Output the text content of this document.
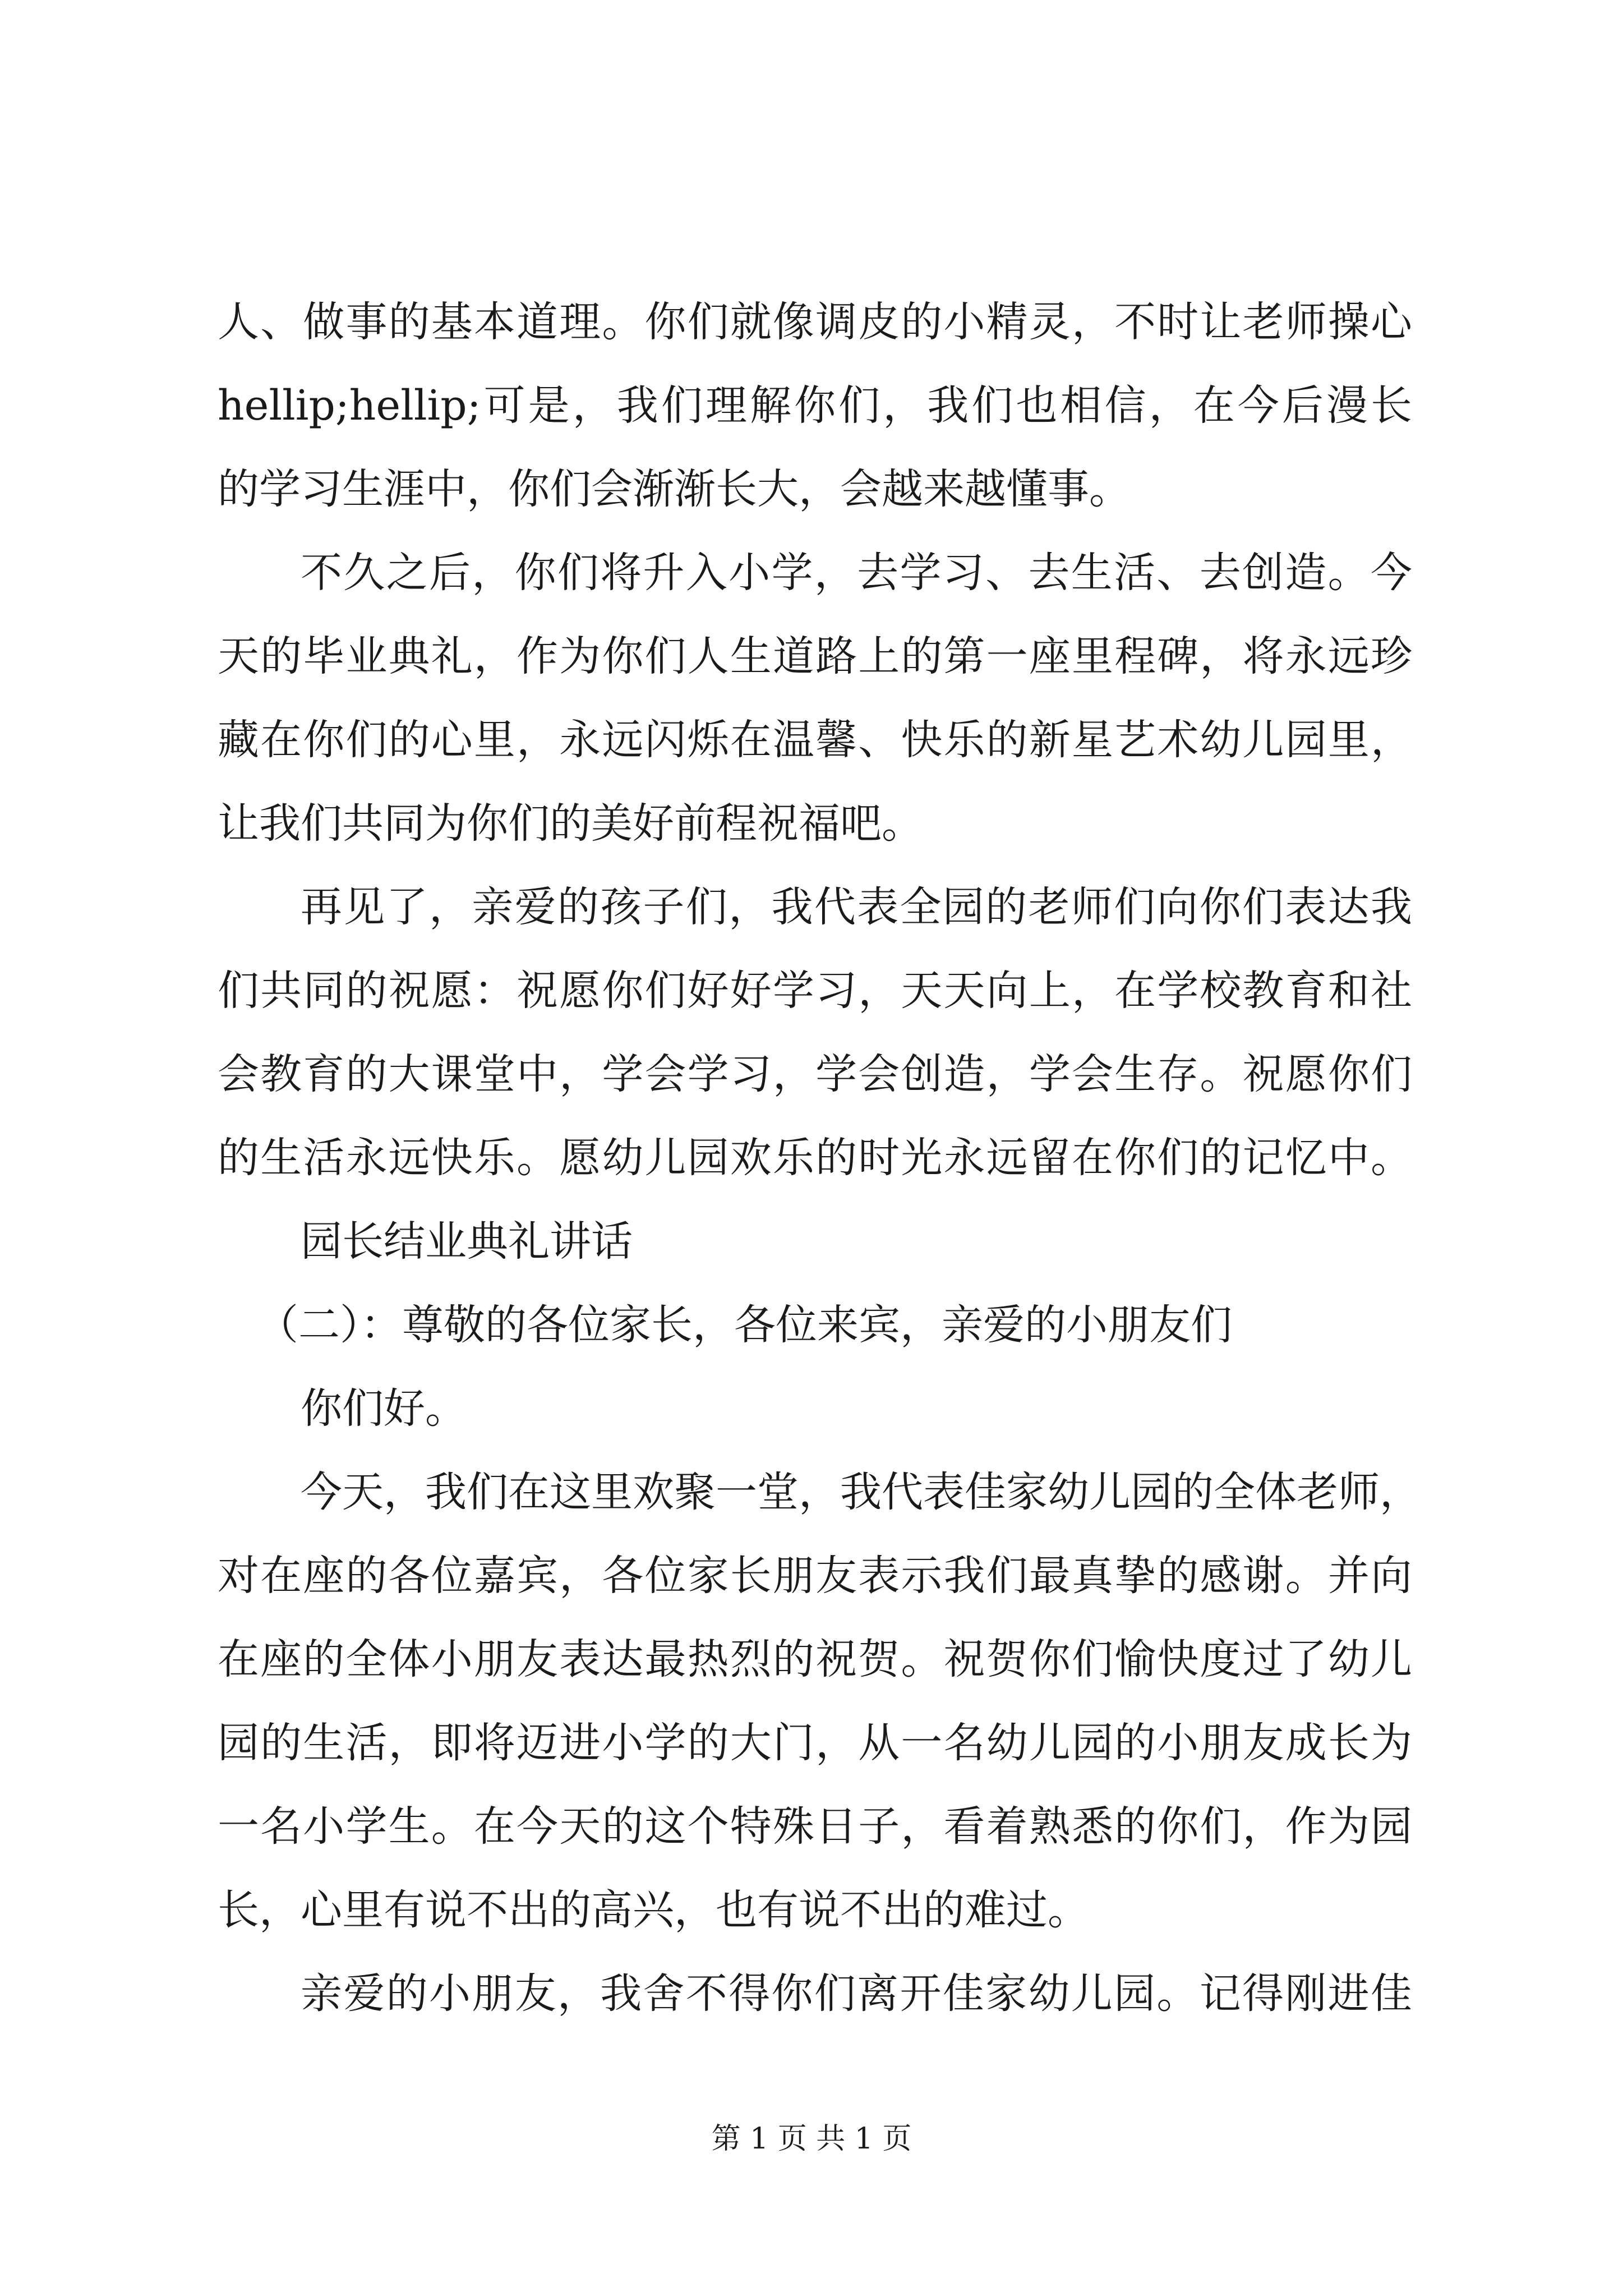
人、做事的基本道理。你们就像调皮的小精灵，不时让老师操心
hellip;hellip;可是，我们理解你们，我们也相信，在今后漫长
的学习生涯中，你们会渐渐长大，会越来越懂事。
不久之后，你们将升入小学，去学习、去生活、去创造。今
天的毕业典礼，作为你们人生道路上的第一座里程碑，将永远珍
藏在你们的心里，永远闪烁在温馨、快乐的新星艺术幼儿园里，
让我们共同为你们的美好前程祝福吧。
再见了，亲爱的孩子们，我代表全园的老师们向你们表达我
们共同的祝愿：祝愿你们好好学习，天天向上，在学校教育和社
会教育的大课堂中，学会学习，学会创造，学会生存。祝愿你们
的生活永远快乐。愿幼儿园欢乐的时光永远留在你们的记忆中。
园长结业典礼讲话
（二）：尊敬的各位家长，各位来宾，亲爱的小朋友们
你们好。
今天，我们在这里欢聚一堂，我代表佳家幼儿园的全体老师，
对在座的各位嘉宾，各位家长朋友表示我们最真挚的感谢。并向
在座的全体小朋友表达最热烈的祝贺。祝贺你们愉快度过了幼儿
园的生活，即将迈进小学的大门，从一名幼儿园的小朋友成长为
一名小学生。在今天的这个特殊日子，看着熟悉的你们，作为园
长，心里有说不出的高兴，也有说不出的难过。
亲爱的小朋友，我舍不得你们离开佳家幼儿园。记得刚进佳
第 1 页 共 1 页
